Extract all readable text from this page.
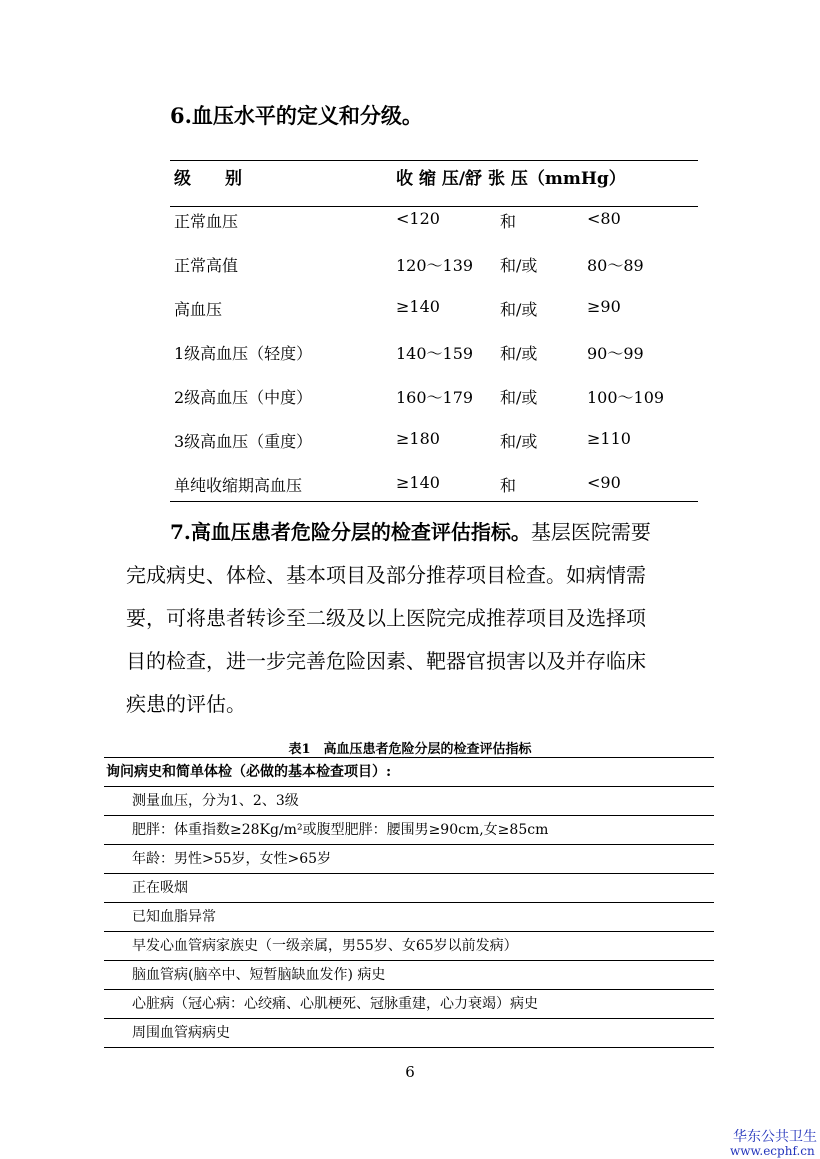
6.血压水平的定义和分级。
级　　别	收 缩 压/舒 张 压（mmHg）
正常血压	<120	和	<80
正常高值	120～139 和/或	80～89
高血压	≥140	和/或	≥90
1级高血压（轻度）	140～159 和/或	90～99
2级高血压（中度）	160～179 和/或	100～109
3级高血压（重度）	≥180	和/或	≥110
单纯收缩期高血压	≥140	和	<90
7.高血压患者危险分层的检查评估指标。基层医院需要
完成病史、体检、基本项目及部分推荐项目检查。如病情需
要，可将患者转诊至二级及以上医院完成推荐项目及选择项
目的检查，进一步完善危险因素、靶器官损害以及并存临床
疾患的评估。
表1　高血压患者危险分层的检查评估指标
询问病史和简单体检（必做的基本检查项目）:
测量血压，分为1、2、3级
肥胖：体重指数≥28Kg/m²或腹型肥胖：腰围男≥90cm,女≥85cm
年龄：男性>55岁，女性>65岁
正在吸烟
已知血脂异常
早发心血管病家族史（一级亲属，男55岁、女65岁以前发病）
脑血管病(脑卒中、短暂脑缺血发作) 病史
心脏病（冠心病：心绞痛、心肌梗死、冠脉重建，心力衰竭）病史
周围血管病病史
6
华东公共卫生
www.ecphf.cn
